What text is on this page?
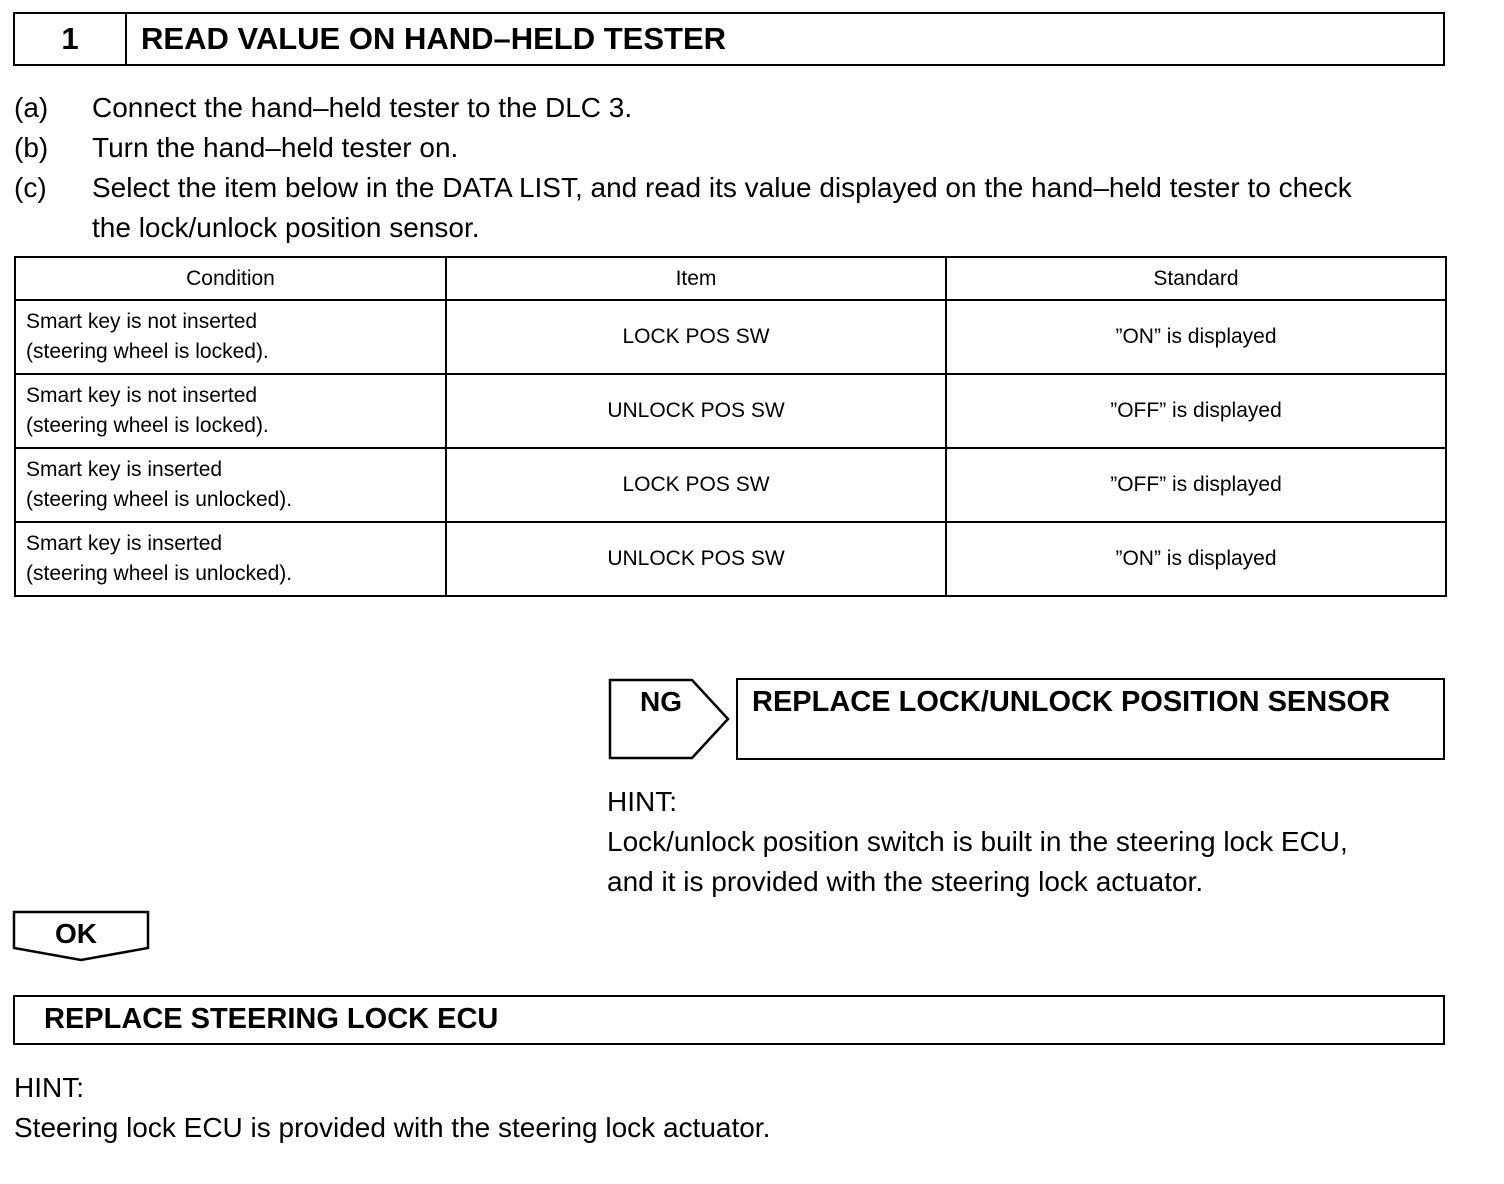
1	READ VALUE ON HAND–HELD TESTER
(a)	Connect the hand–held tester to the DLC 3.
(b)	Turn the hand–held tester on.
(c)	Select the item below in the DATA LIST, and read its value displayed on the hand–held tester to check
the lock/unlock position sensor.
Condition	Item	Standard

Smart key is not inserted
(steering wheel is locked).	LOCK POS SW	”ON” is displayed

Smart key is not inserted
(steering wheel is locked).	UNLOCK POS SW	”OFF” is displayed

Smart key is inserted
(steering wheel is unlocked).	LOCK POS SW	”OFF” is displayed

Smart key is inserted
(steering wheel is unlocked).	UNLOCK POS SW	”ON” is displayed
NG REPLACE LOCK/UNLOCK POSITION SENSOR
HINT:
Lock/unlock position switch is built in the steering lock ECU,
and it is provided with the steering lock actuator.
OK
REPLACE STEERING LOCK ECU
HINT:
Steering lock ECU is provided with the steering lock actuator.
